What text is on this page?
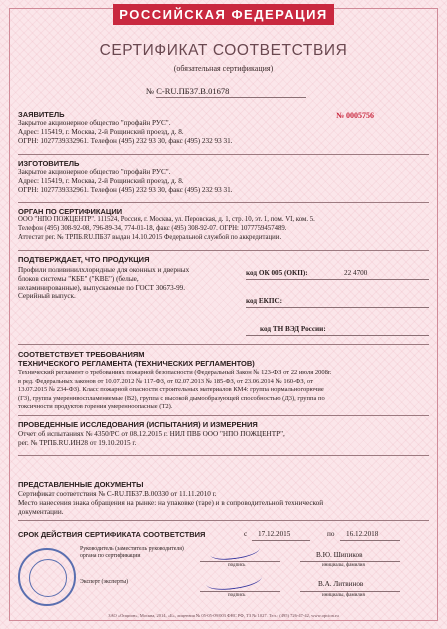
РОССИЙСКАЯ ФЕДЕРАЦИЯ
СЕРТИФИКАТ СООТВЕТСТВИЯ
(обязательная сертификация)
№ C-RU.ПБ37.В.01678
ЗАЯВИТЕЛЬ	№ 0005756
Закрытое акционерное общество "профайн РУС".
Адрес: 115419, г. Москва, 2-й Рощинский проезд, д. 8.
ОГРН: 1027739332961. Телефон (495) 232 93 30, факс (495) 232 93 31.
ИЗГОТОВИТЕЛЬ
Закрытое акционерное общество "профайн РУС".
Адрес: 115419, г. Москва, 2-й Рощинский проезд, д. 8.
ОГРН: 1027739332961. Телефон (495) 232 93 30, факс (495) 232 93 31.
ОРГАН ПО СЕРТИФИКАЦИИ
ООО "НПО ПОЖЦЕНТР". 111524, Россия, г. Москва, ул. Перовская, д. 1, стр. 10, эт. 1, пом. VI, ком. 5.
Телефон (495) 308-92-08, 796-89-34, 774-01-18, факс (495) 308-92-07. ОГРН: 1077759457489.
Аттестат рег. № ТРПБ.RU.ПБ37 выдан 14.10.2015 Федеральной службой по аккредитации.
ПОДТВЕРЖДАЕТ, ЧТО ПРОДУКЦИЯ
Профили поливинилхлоридные для оконных и дверных
блоков системы "КБЕ" ("KBE") (белые,
неламинированные), выпускаемые по ГОСТ 30673-99.
Серийный выпуск.
код ОК 005 (ОКП):	22 4700
код ЕКПС:
код ТН ВЭД России:
СООТВЕТСТВУЕТ ТРЕБОВАНИЯМ
ТЕХНИЧЕСКОГО РЕГЛАМЕНТА (ТЕХНИЧЕСКИХ РЕГЛАМЕНТОВ)
Технический регламент о требованиях пожарной безопасности (Федеральный Закон № 123-ФЗ от 22 июля 2008г.
в ред. Федеральных законов от 10.07.2012 № 117-ФЗ, от 02.07.2013 № 185-ФЗ, от 23.06.2014 № 160-ФЗ, от
13.07.2015 № 234-ФЗ). Класс пожарной опасности строительных материалов КМ4: группа нормальногорючие
(Г3), группа умереннвоспламеняемые (В2), группа с высокой дымообразующей способностью (Д3), группа по
токсичности продуктов горения умеренноопасные (Т2).
ПРОВЕДЕННЫЕ ИССЛЕДОВАНИЯ (ИСПЫТАНИЯ) И ИЗМЕРЕНИЯ
Отчет об испытаниях № 4350/РС от 08.12.2015 г. НИЛ ПВБ ООО "НПО ПОЖЦЕНТР",
рег. № ТРПБ.RU.ИН28 от 19.10.2015 г.
ПРЕДСТАВЛЕННЫЕ ДОКУМЕНТЫ
Сертификат соответствия № C-RU.ПБ37.В.00330 от 11.11.2010 г.
Место нанесения знака обращения на рынке: на упаковке (таре) и в сопроводительной технической
документации.
СРОК ДЕЙСТВИЯ СЕРТИФИКАТА СООТВЕТСТВИЯ	с 17.12.2015	по 16.12.2018
Руководитель (заместитель руководителя)
органа по сертификации
подпись
В.Ю. Шипиков
инициалы, фамилия
Эксперт (эксперты)
подпись
В.А. Литвинов
инициалы, фамилия
ЗАО «Опцион», Москва, 2014, «Б», лицензия № 05-05-09/003 ФНС РФ, ТЗ № 1027. Тел.: (495) 726-47-42, www.opcion.ru
